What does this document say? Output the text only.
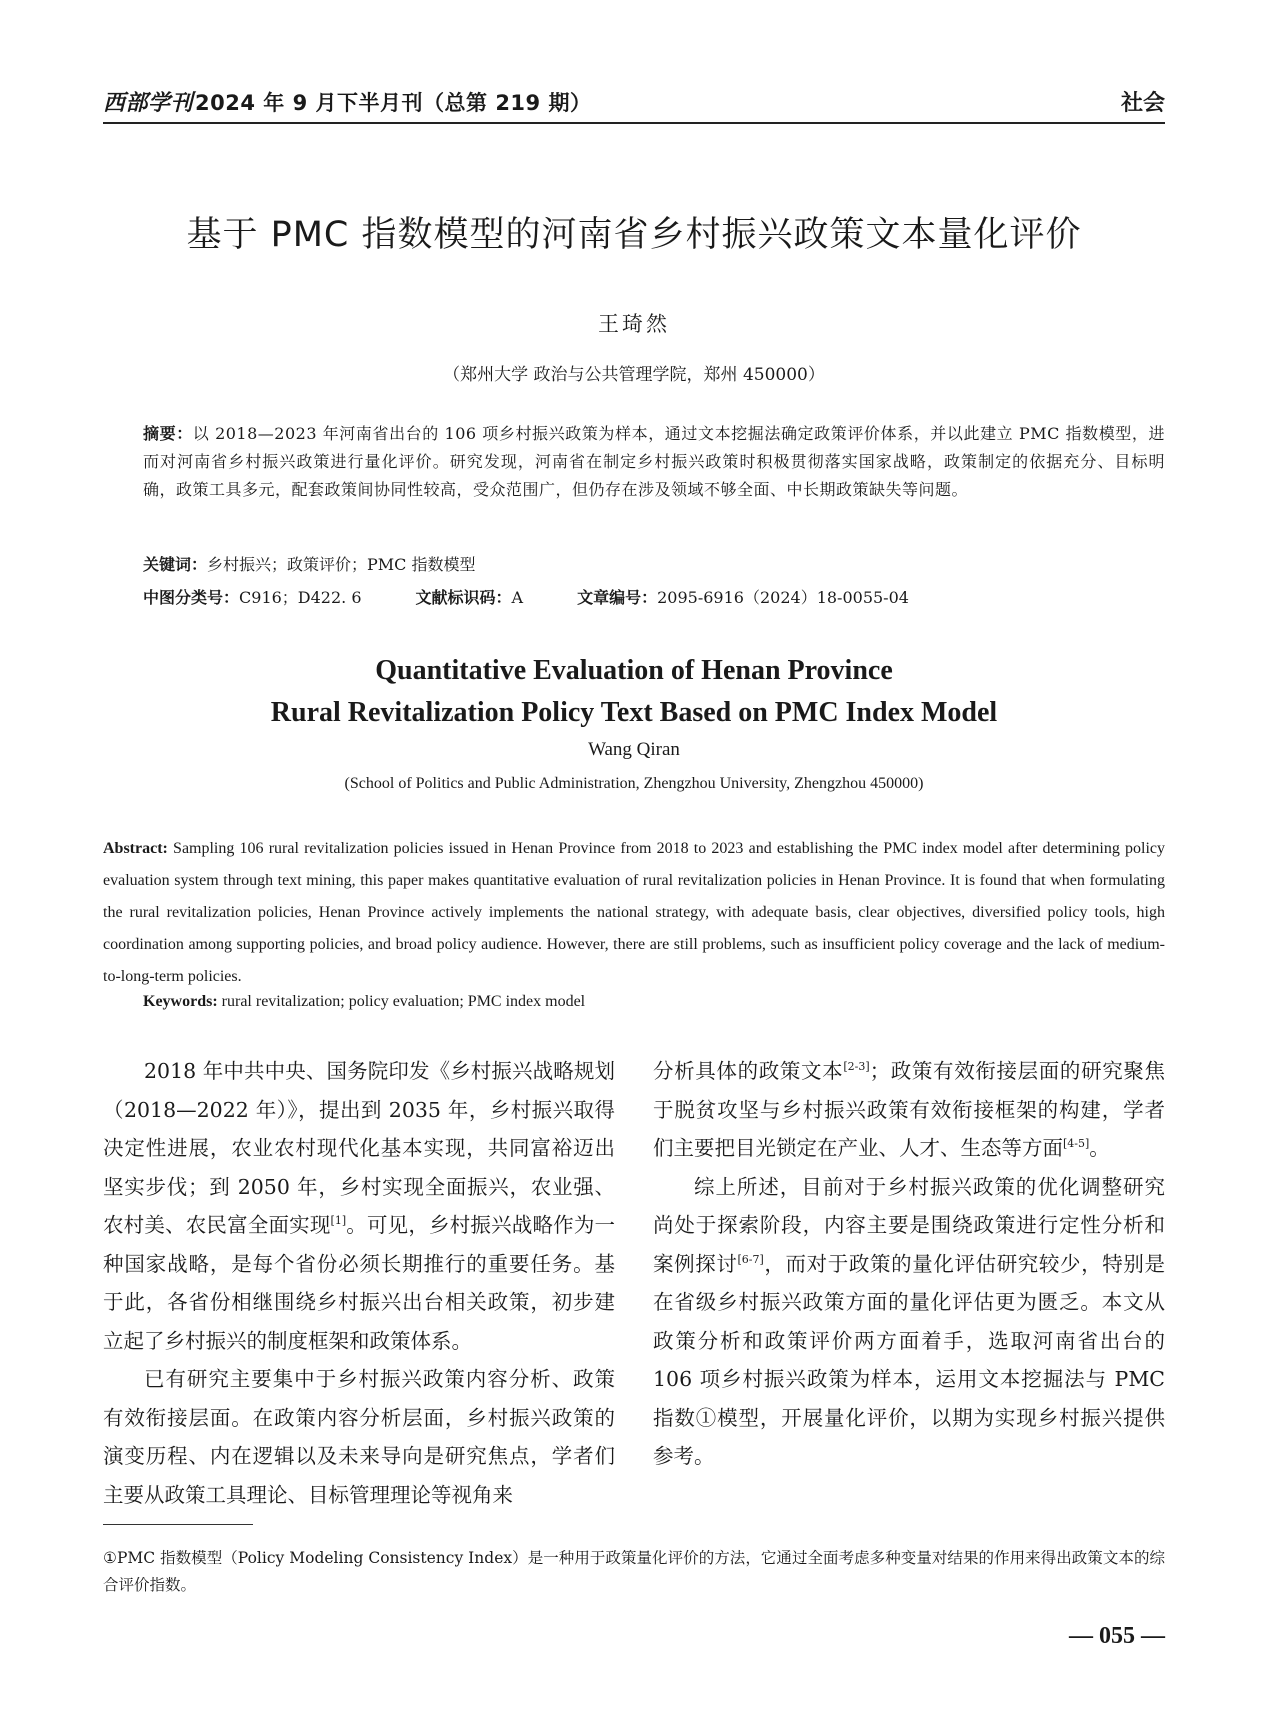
西部学刊2024 年 9 月下半月刊（总第 219 期）	社会
基于 PMC 指数模型的河南省乡村振兴政策文本量化评价
王琦然
（郑州大学 政治与公共管理学院，郑州 450000）
摘要：以 2018—2023 年河南省出台的 106 项乡村振兴政策为样本，通过文本挖掘法确定政策评价体系，并以此建立 PMC 指数模型，进而对河南省乡村振兴政策进行量化评价。研究发现，河南省在制定乡村振兴政策时积极贯彻落实国家战略，政策制定的依据充分、目标明确，政策工具多元，配套政策间协同性较高，受众范围广，但仍存在涉及领域不够全面、中长期政策缺失等问题。
关键词：乡村振兴；政策评价；PMC 指数模型
中图分类号：C916；D422. 6	文献标识码：A	文章编号：2095-6916（2024）18-0055-04
Quantitative Evaluation of Henan Province
Rural Revitalization Policy Text Based on PMC Index Model
Wang Qiran
(School of Politics and Public Administration, Zhengzhou University, Zhengzhou 450000)
Abstract: Sampling 106 rural revitalization policies issued in Henan Province from 2018 to 2023 and establishing the PMC index model after determining policy evaluation system through text mining, this paper makes quantitative evaluation of rural revitalization policies in Henan Province. It is found that when formulating the rural revitalization policies, Henan Province actively implements the national strategy, with adequate basis, clear objectives, diversified policy tools, high coordination among supporting policies, and broad policy audience. However, there are still problems, such as insufficient policy coverage and the lack of medium-to-long-term policies.
Keywords: rural revitalization; policy evaluation; PMC index model

2018 年中共中央、国务院印发《乡村振兴战略规划（2018—2022 年）》，提出到 2035 年，乡村振兴取得决定性进展，农业农村现代化基本实现，共同富裕迈出坚实步伐；到 2050 年，乡村实现全面振兴，农业强、农村美、农民富全面实现[1]。可见，乡村振兴战略作为一种国家战略，是每个省份必须长期推行的重要任务。基于此，各省份相继围绕乡村振兴出台相关政策，初步建立起了乡村振兴的制度框架和政策体系。

已有研究主要集中于乡村振兴政策内容分析、政策有效衔接层面。在政策内容分析层面，乡村振兴政策的演变历程、内在逻辑以及未来导向是研究焦点，学者们主要从政策工具理论、目标管理理论等视角来

分析具体的政策文本[2-3]；政策有效衔接层面的研究聚焦于脱贫攻坚与乡村振兴政策有效衔接框架的构建，学者们主要把目光锁定在产业、人才、生态等方面[4-5]。

综上所述，目前对于乡村振兴政策的优化调整研究尚处于探索阶段，内容主要是围绕政策进行定性分析和案例探讨[6-7]，而对于政策的量化评估研究较少，特别是在省级乡村振兴政策方面的量化评估更为匮乏。本文从政策分析和政策评价两方面着手，选取河南省出台的 106 项乡村振兴政策为样本，运用文本挖掘法与 PMC 指数①模型，开展量化评价，以期为实现乡村振兴提供参考。

①PMC 指数模型（Policy Modeling Consistency Index）是一种用于政策量化评价的方法，它通过全面考虑多种变量对结果的作用来得出政策文本的综合评价指数。
— 055 —
